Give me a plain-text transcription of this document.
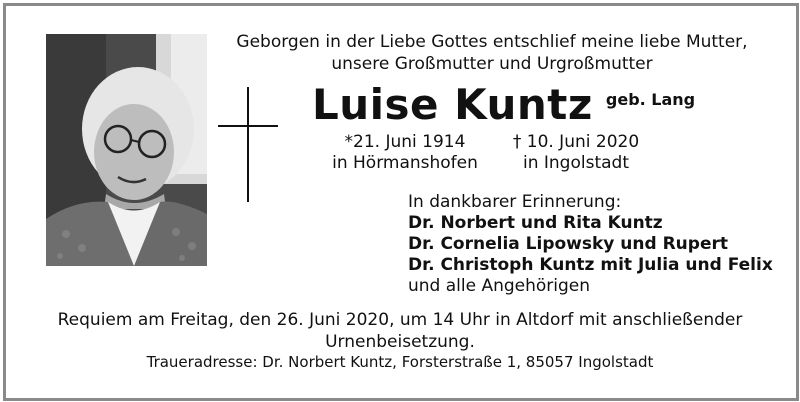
Geborgen in der Liebe Gottes entschlief meine liebe Mutter,
unsere Großmutter und Urgroßmutter
Luise Kuntz geb. Lang
*21. Juni 1914
in Hörmanshofen
† 10. Juni 2020
in Ingolstadt
In dankbarer Erinnerung:
Dr. Norbert und Rita Kuntz
Dr. Cornelia Lipowsky und Rupert
Dr. Christoph Kuntz mit Julia und Felix
und alle Angehörigen
Requiem am Freitag, den 26. Juni 2020, um 14 Uhr in Altdorf mit anschließender
Urnenbeisetzung.
Traueradresse: Dr. Norbert Kuntz, Forsterstraße 1, 85057 Ingolstadt
